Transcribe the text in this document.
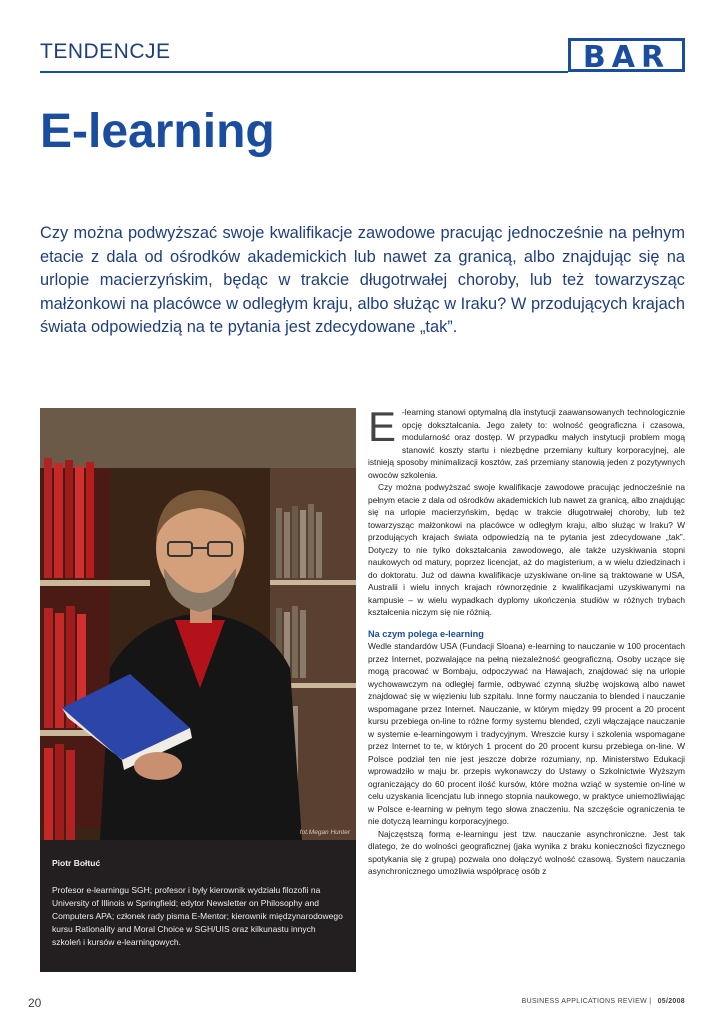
TENDENCJE	BAR
E-learning

Czy można podwyższać swoje kwalifikacje zawodowe pracując jednocześnie na pełnym etacie z dala od ośrodków akademickich lub nawet za granicą, albo znajdując się na urlopie macierzyńskim, będąc w trakcie długotrwałej choroby, lub też towarzysząc małżonkowi na placówce w odległym kraju, albo służąc w Iraku? W przodujących krajach świata odpowiedzią na te pytania jest zdecydowane „tak”.

fot.Megan Hunter

Piotr Bołtuć

Profesor e-learningu SGH; profesor i były kierownik wydziału filozofii na University of Illinois w Springfield; edytor Newsletter on Philosophy and Computers APA; członek rady pisma E-Mentor; kierownik międzynarodowego kursu Rationality and Moral Choice w SGH/UIS oraz kilkunastu innych szkoleń i kursów e-learningowych.

E -learning stanowi optymalną dla instytucji zaawansowanych technologicznie opcję dokształcania. Jego zalety to: wolność geograficzna i czasowa, modularność oraz dostęp. W przypadku małych instytucji problem mogą stanowić koszty startu i niezbędne przemiany kultury korporacyjnej, ale istnieją sposoby minimalizacji kosztów, zaś przemiany stanowią jeden z pozytywnych owoców szkolenia.

Czy można podwyższać swoje kwalifikacje zawodowe pracując jednocześnie na pełnym etacie z dala od ośrodków akademickich lub nawet za granicą, albo znajdując się na urlopie macierzyńskim, będąc w trakcie długotrwałej choroby, lub też towarzysząc małżonkowi na placówce w odległym kraju, albo służąc w Iraku? W przodujących krajach świata odpowiedzią na te pytania jest zdecydowane „tak”. Dotyczy to nie tylko dokształcania zawodowego, ale także uzyskiwania stopni naukowych od matury, poprzez licencjat, aż do magisterium, a w wielu dziedzinach i do doktoratu. Już od dawna kwalifikacje uzyskiwane on-line są traktowane w USA, Australii i wielu innych krajach równorzędnie z kwalifikacjami uzyskiwanymi na kampusie – w wielu wypadkach dyplomy ukończenia studiów w różnych trybach kształcenia niczym się nie różnią.

Na czym polega e-learning

Wedle standardów USA (Fundacji Sloana) e-learning to nauczanie w 100 procentach przez Internet, pozwalające na pełną niezależność geograficzną. Osoby uczące się mogą pracować w Bombaju, odpoczywać na Hawajach, znajdować się na urlopie wychowawczym na odległej farmie, odbywać czynną służbę wojskową albo nawet znajdować się w więzieniu lub szpitalu. Inne formy nauczania to blended i nauczanie wspomagane przez Internet. Nauczanie, w którym między 99 procent a 20 procent kursu przebiega on-line to różne formy systemu blended, czyli włączające nauczanie w systemie e-learningowym i tradycyjnym. Wreszcie kursy i szkolenia wspomagane przez Internet to te, w których 1 procent do 20 procent kursu przebiega on-line. W Polsce podział ten nie jest jeszcze dobrze rozumiany, np. Ministerstwo Edukacji wprowadziło w maju br. przepis wykonawczy do Ustawy o Szkolnictwie Wyższym ograniczający do 60 procent ilość kursów, które można wziąć w systemie on-line w celu uzyskania licencjatu lub innego stopnia naukowego, w praktyce uniemożliwiając w Polsce e-learning w pełnym tego słowa znaczeniu. Na szczęście ograniczenia te nie dotyczą learningu korporacyjnego.

Najczęstszą formą e-learningu jest tzw. nauczanie asynchroniczne. Jest tak dlatego, że do wolności geograficznej (jaka wynika z braku konieczności fizycznego spotykania się z grupą) pozwala ono dołączyć wolność czasową. System nauczania asynchronicznego umożliwia współpracę osób z

20	BUSINESS APPLICATIONS REVIEW | 05/2008
